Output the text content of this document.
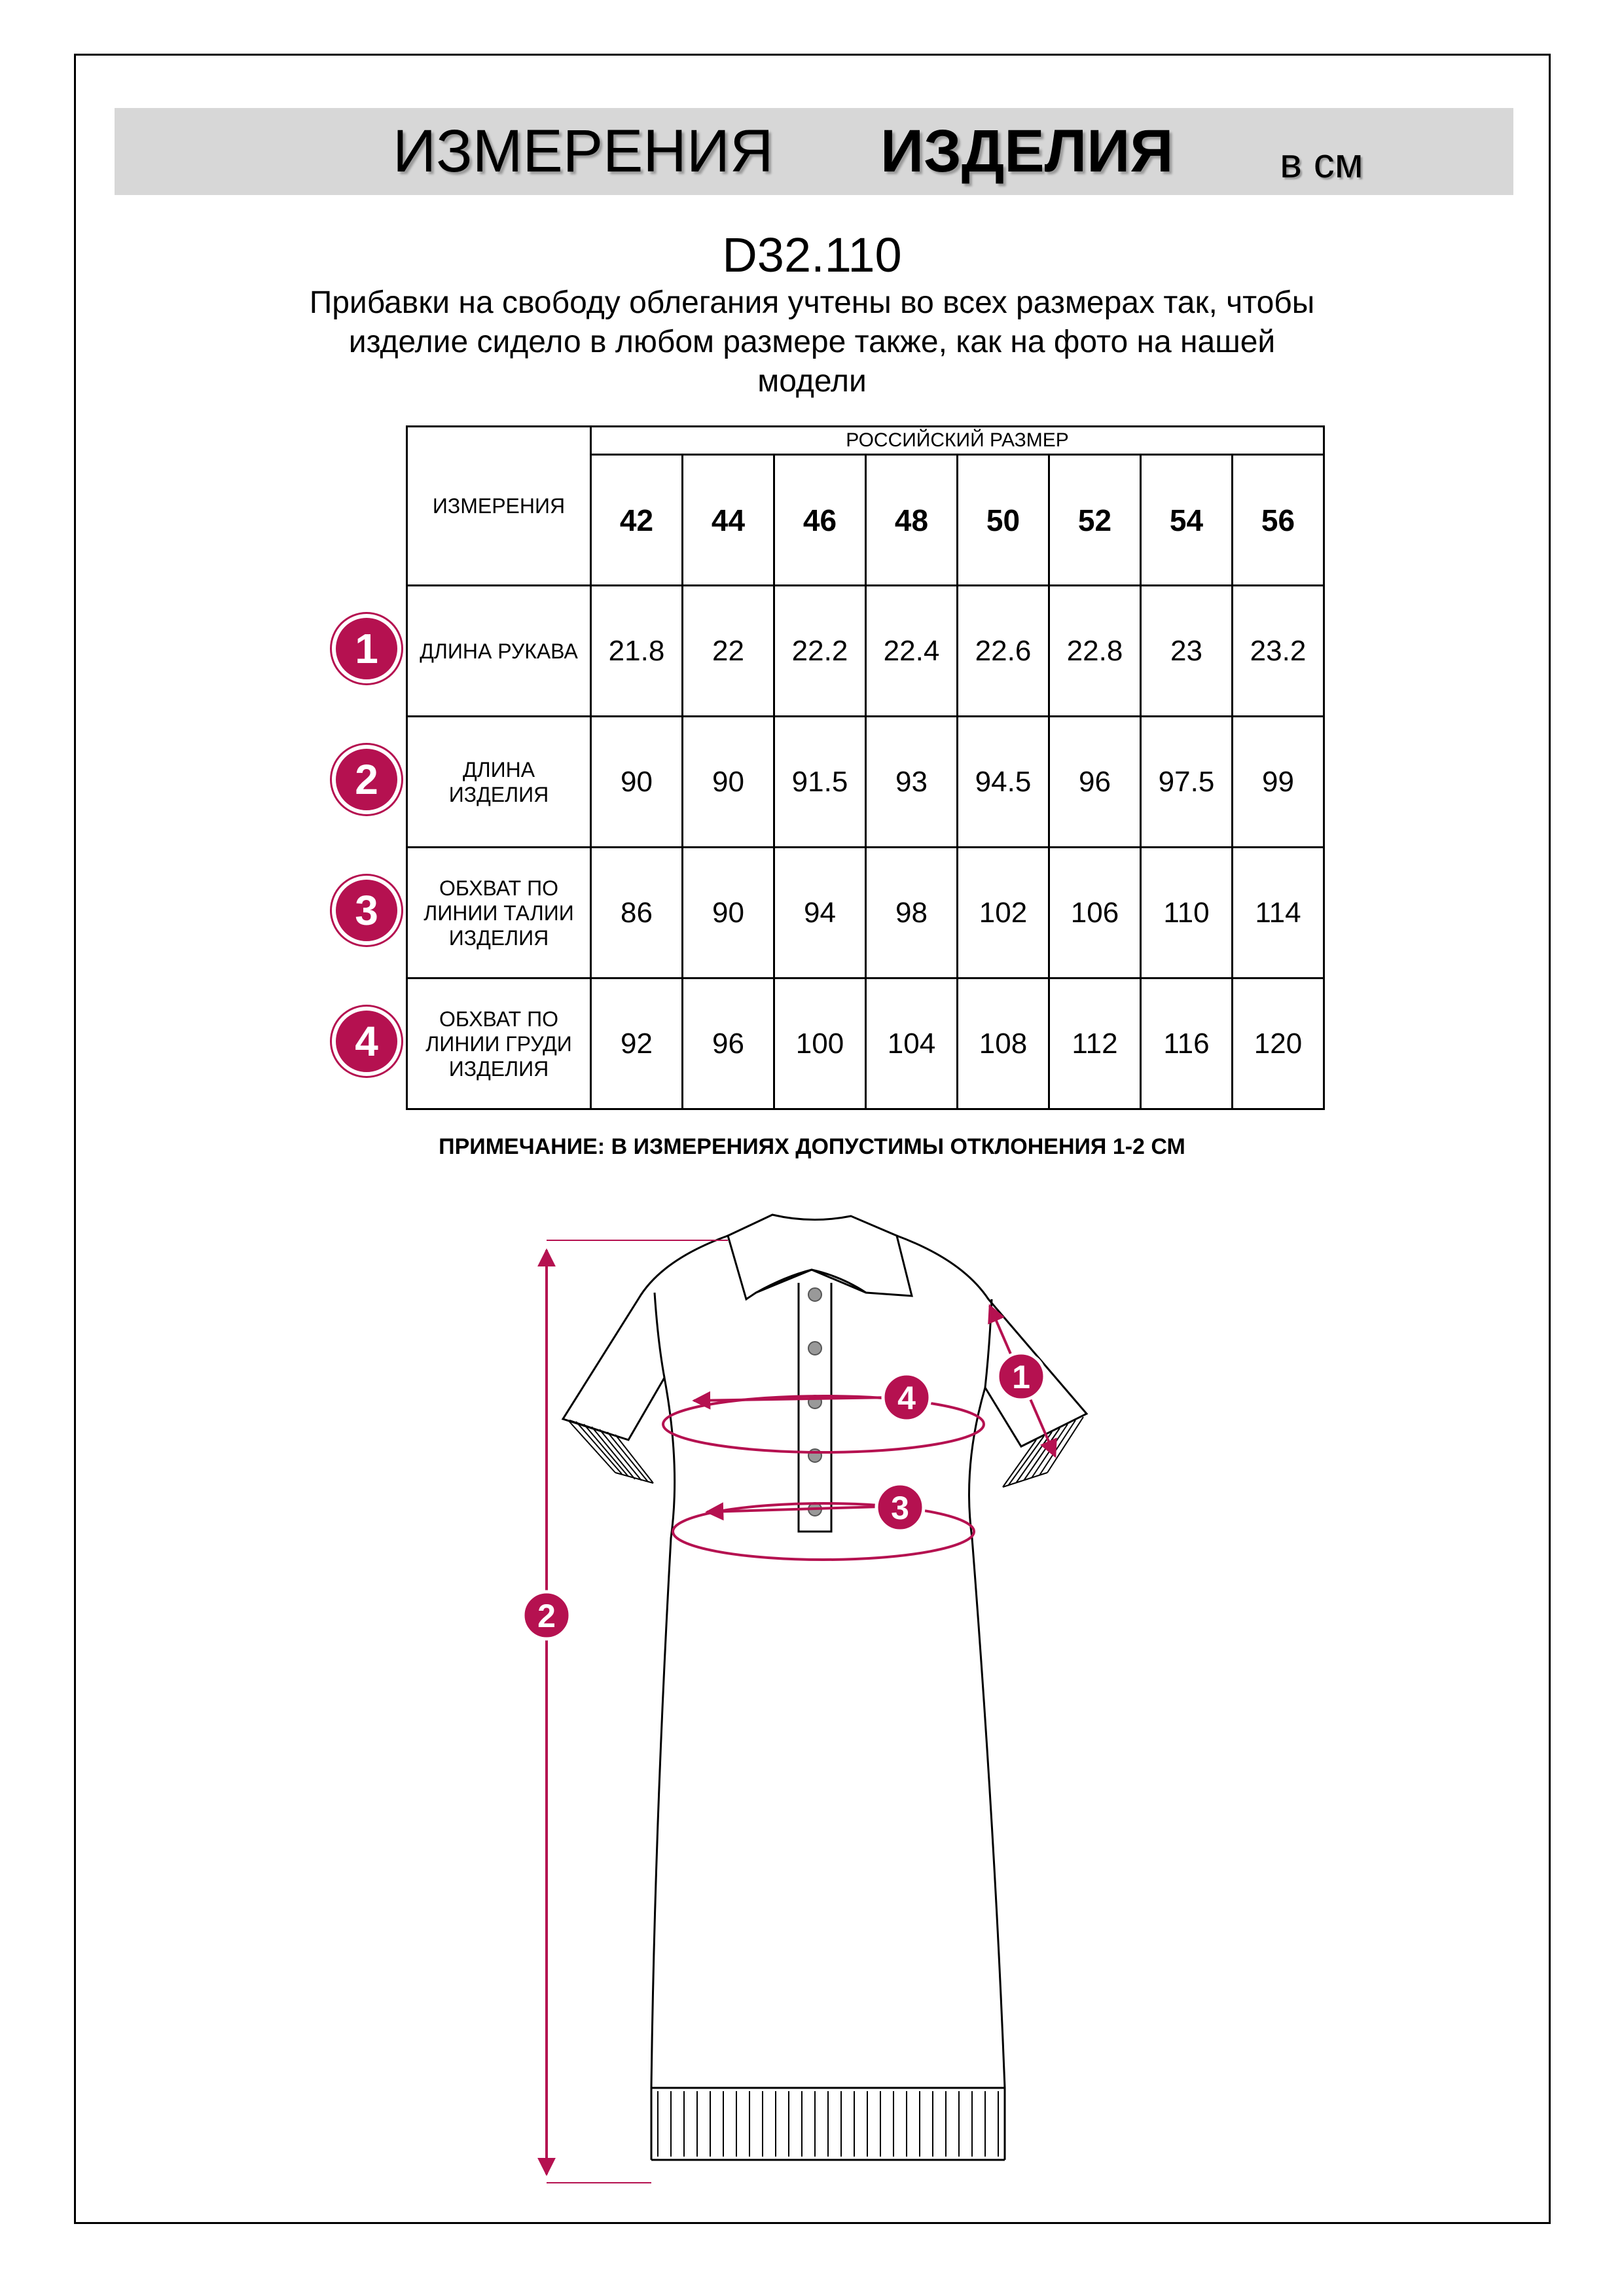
ИЗМЕРЕНИЯ ИЗДЕЛИЯ	в см
D32.110
Прибавки на свободу облегания учтены во всех размерах так, чтобы
изделие сидело в любом размере также, как на фото на нашей
модели
ИЗМЕРЕНИЯ	РОССИЙСКИЙ РАЗМЕР							
	42	44	46	48	50	52	54	56

ДЛИНА РУКАВА	21.8	22	22.2	22.4	22.6	22.8	23	23.2

ДЛИНА
ИЗДЕЛИЯ	90	90	91.5	93	94.5	96	97.5	99

ОБХВАТ ПО
ЛИНИИ ТАЛИИ
ИЗДЕЛИЯ	86	90	94	98	102	106	110	114

ОБХВАТ ПО
ЛИНИИ ГРУДИ
ИЗДЕЛИЯ	92	96	100	104	108	112	116	120
1
2
3
4
ПРИМЕЧАНИЕ: В ИЗМЕРЕНИЯХ ДОПУСТИМЫ ОТКЛОНЕНИЯ 1-2 СМ
2
1
4
3
